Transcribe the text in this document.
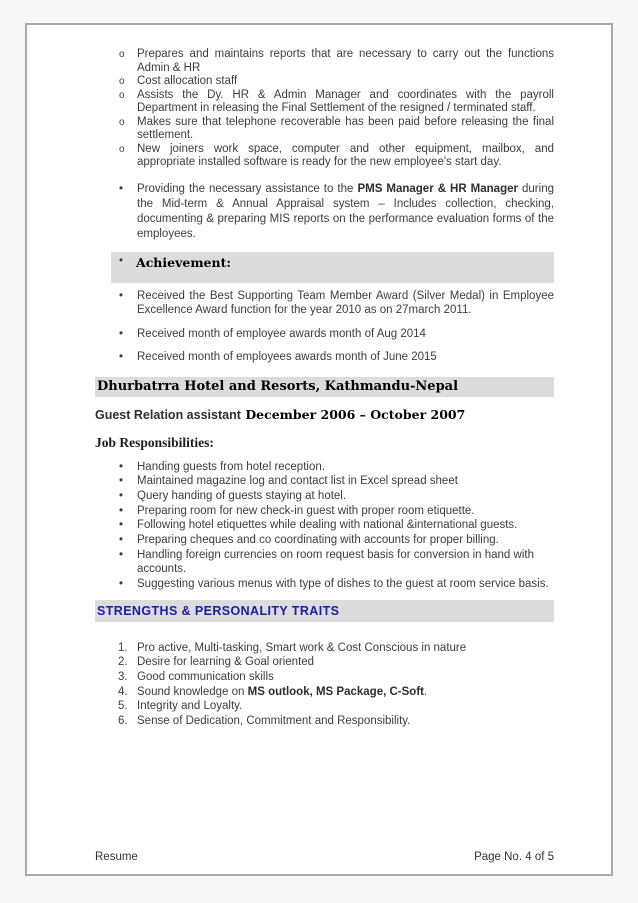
o	Prepares and maintains reports that are necessary to carry out the functions Admin & HR
o	Cost allocation staff
o	Assists the Dy. HR & Admin Manager and coordinates with the payroll Department in releasing the Final Settlement of the resigned / terminated staff.
o	Makes sure that telephone recoverable has been paid before releasing the final settlement.
o	New joiners work space, computer and other equipment, mailbox, and appropriate installed software is ready for the new employee's start day.
•	Providing the necessary assistance to the PMS Manager & HR Manager during the Mid-term & Annual Appraisal system – Includes collection, checking, documenting & preparing MIS reports on the performance evaluation forms of the employees.
•	Achievement:
•	Received the Best Supporting Team Member Award (Silver Medal) in Employee Excellence Award function for the year 2010 as on 27march 2011.
•	Received month of employee awards month of Aug 2014
•	Received month of employees awards month of June 2015
Dhurbatrra Hotel and Resorts, Kathmandu-Nepal
Guest Relation assistant December 2006 – October 2007
Job Responsibilities:
•	Handing guests from hotel reception.
•	Maintained magazine log and contact list in Excel spread sheet
•	Query handing of guests staying at hotel.
•	Preparing room for new check-in guest with proper room etiquette.
•	Following hotel etiquettes while dealing with national &international guests.
•	Preparing cheques and co coordinating with accounts for proper billing.
•	Handling foreign currencies on room request basis for conversion in hand with accounts.
•	Suggesting various menus with type of dishes to the guest at room service basis.
STRENGTHS & PERSONALITY TRAITS
1. Pro active, Multi-tasking, Smart work & Cost Conscious in nature
2. Desire for learning & Goal oriented
3. Good communication skills
4. Sound knowledge on MS outlook, MS Package, C-Soft.
5. Integrity and Loyalty.
6. Sense of Dedication, Commitment and Responsibility.
Resume	Page No. 4 of 5
